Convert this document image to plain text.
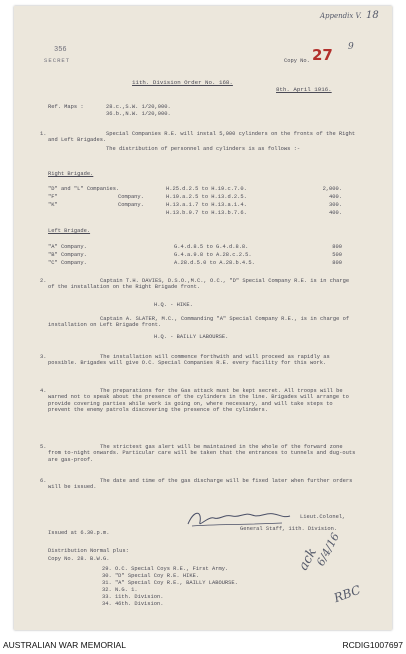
Appendix V. 18
356
SECRET	Copy No. 27 9
11th. Division Order No. 168.
8th. April 1916.
Ref. Maps :	28.c.,S.W. 1/20,000.
36.b.,N.W. 1/20,000.
1.	Special Companies R.E. will instal 5,000 cylinders on the fronts of the Right and Left Brigades.
The distribution of personnel and cylinders is as follows :-
Right Brigade.
"D" and "L" Companies.	H.25.d.2.5 to H.19.c.7.0.	2,000.
"F"	Company.	H.19.a.2.5 to H.13.d.2.5.	400.
"K"	Company.	H.13.a.1.7 to H.13.a.1.4.	300.
H.13.b.9.7 to H.13.b.7.6.	400.
Left Brigade.
"A" Company.	G.4.d.8.5 to G.4.d.8.8.	800
"B" Company.	G.4.a.9.8 to A.28.c.2.5.	500
"C" Company.	A.28.d.5.0 to A.28.b.4.5.	800
2.	Captain T.H. DAVIES, D.S.O.,M.C., O.C., "D" Special Company R.E. is in charge of the installation on the Right Brigade front.
H.Q. - HIKE.
Captain A. SLATER, M.C., Commanding "A" Special Company R.E., is in charge of installation on Left Brigade front.
H.Q. - BAILLY LABOURSE.
3.	The installation will commence forthwith and will proceed as rapidly as possible. Brigades will give O.C. Special Companies R.E. every facility for this work.
4.	The preparations for the Gas attack must be kept secret. All troops will be warned not to speak about the presence of the cylinders in the line. Brigades will arrange to provide covering parties while work is going on, where necessary, and will take steps to prevent the enemy patrols discovering the presence of the cylinders.
5.	The strictest gas alert will be maintained in the whole of the forward zone from to-night onwards. Particular care will be taken that the entrances to tunnels and dug-outs are gas-proof.
6.	The date and time of the gas discharge will be fixed later when further orders will be issued.
Lieut.Colonel,
General Staff, 11th. Division.
Issued at 6.30.p.m.
Distribution Normal plus:
Copy No. 28. B.W.G.
29. O.C. Special Coys R.E., First Army.
30. "D" Special Coy R.E. HIKE.
31. "A" Special Coy R.E., BAILLY LABOURSE.
32. N.G. 1.
33. 11th. Division.
34. 46th. Division.
ack
6/4/16
RBC
AUSTRALIAN WAR MEMORIAL	RCDIG1007697
